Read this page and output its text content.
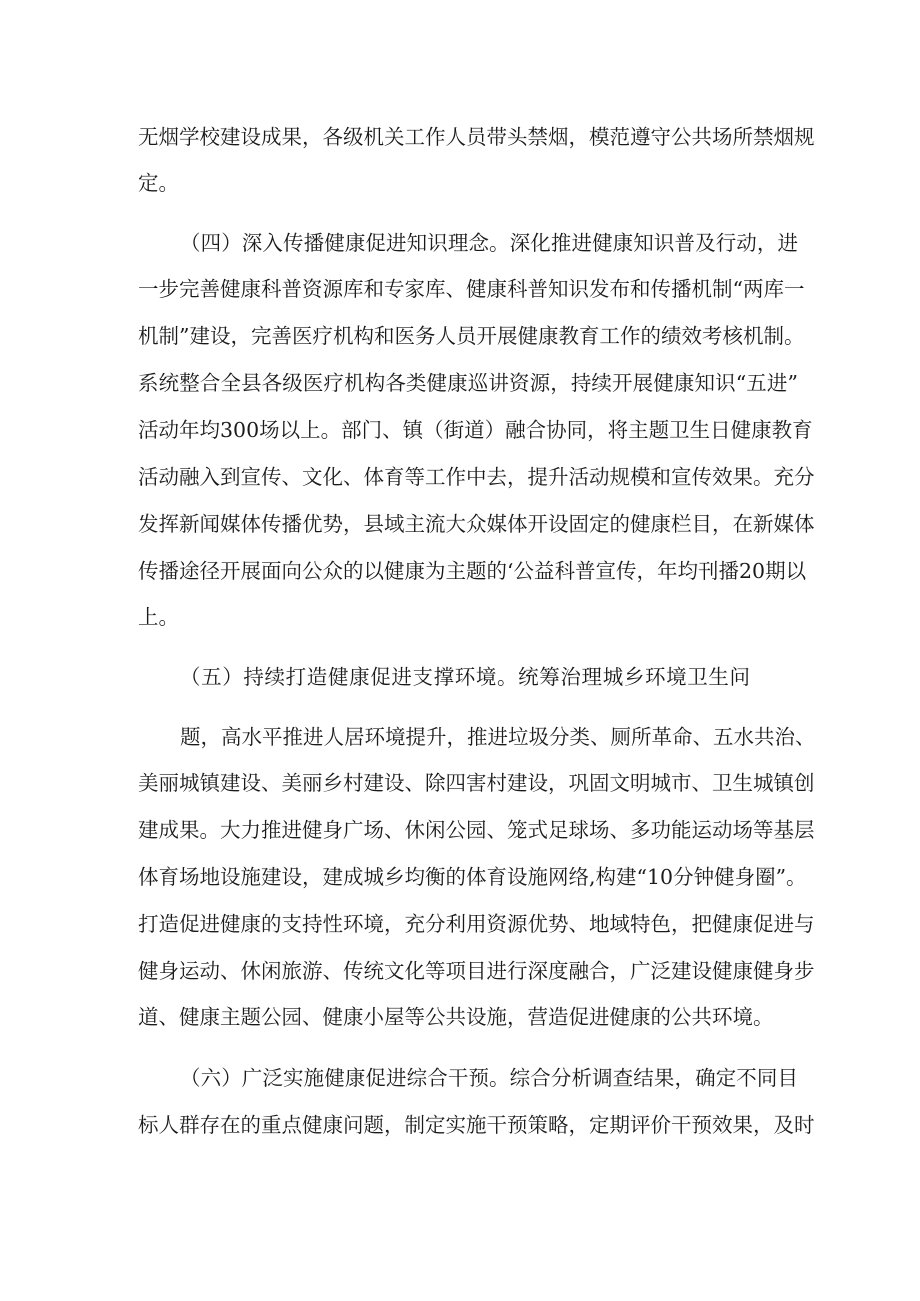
无烟学校建设成果，各级机关工作人员带头禁烟，模范遵守公共场所禁烟规
定。
（四）深入传播健康促进知识理念。深化推进健康知识普及行动，进
一步完善健康科普资源库和专家库、健康科普知识发布和传播机制“两库一
机制”建设，完善医疗机构和医务人员开展健康教育工作的绩效考核机制。
系统整合全县各级医疗机构各类健康巡讲资源，持续开展健康知识“五进”
活动年均300场以上。部门、镇（街道）融合协同，将主题卫生日健康教育
活动融入到宣传、文化、体育等工作中去，提升活动规模和宣传效果。充分
发挥新闻媒体传播优势，县域主流大众媒体开设固定的健康栏目，在新媒体
传播途径开展面向公众的以健康为主题的‘公益科普宣传，年均刊播20期以
上。
（五）持续打造健康促进支撑环境。统筹治理城乡环境卫生问
题，高水平推进人居环境提升，推进垃圾分类、厕所革命、五水共治、
美丽城镇建设、美丽乡村建设、除四害村建设，巩固文明城市、卫生城镇创
建成果。大力推进健身广场、休闲公园、笼式足球场、多功能运动场等基层
体育场地设施建设，建成城乡均衡的体育设施网络,构建“10分钟健身圈”。
打造促进健康的支持性环境，充分利用资源优势、地域特色，把健康促进与
健身运动、休闲旅游、传统文化等项目进行深度融合，广泛建设健康健身步
道、健康主题公园、健康小屋等公共设施，营造促进健康的公共环境。
（六）广泛实施健康促进综合干预。综合分析调查结果，确定不同目
标人群存在的重点健康问题，制定实施干预策略，定期评价干预效果，及时
